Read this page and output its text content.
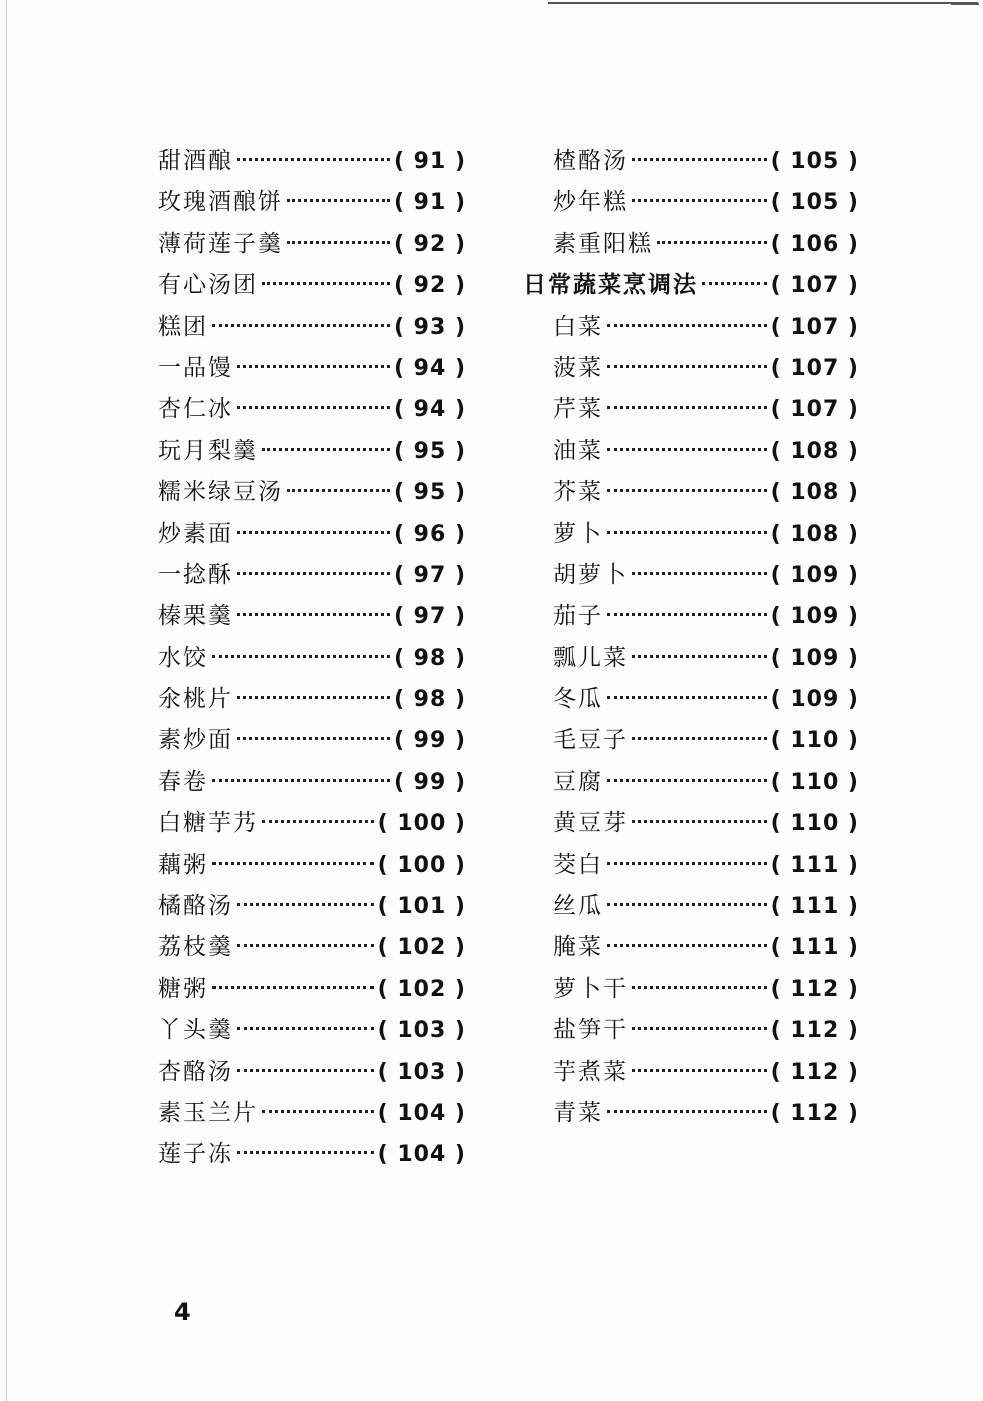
甜酒酿	( 91 )
玫瑰酒酿饼	( 91 )
薄荷莲子羹	( 92 )
有心汤团	( 92 )
糕团	( 93 )
一品馒	( 94 )
杏仁冰	( 94 )
玩月梨羹	( 95 )
糯米绿豆汤	( 95 )
炒素面	( 96 )
一捻酥	( 97 )
榛栗羹	( 97 )
水饺	( 98 )
氽桃片	( 98 )
素炒面	( 99 )
春卷	( 99 )
白糖芋艿	( 100 )
藕粥	( 100 )
橘酪汤	( 101 )
荔枝羹	( 102 )
糖粥	( 102 )
丫头羹	( 103 )
杏酪汤	( 103 )
素玉兰片	( 104 )
莲子冻	( 104 )
楂酪汤	( 105 )
炒年糕	( 105 )
素重阳糕	( 106 )
日常蔬菜烹调法	( 107 )
白菜	( 107 )
菠菜	( 107 )
芹菜	( 107 )
油菜	( 108 )
芥菜	( 108 )
萝卜	( 108 )
胡萝卜	( 109 )
茄子	( 109 )
瓢儿菜	( 109 )
冬瓜	( 109 )
毛豆子	( 110 )
豆腐	( 110 )
黄豆芽	( 110 )
茭白	( 111 )
丝瓜	( 111 )
腌菜	( 111 )
萝卜干	( 112 )
盐笋干	( 112 )
芋煮菜	( 112 )
青菜	( 112 )
4
